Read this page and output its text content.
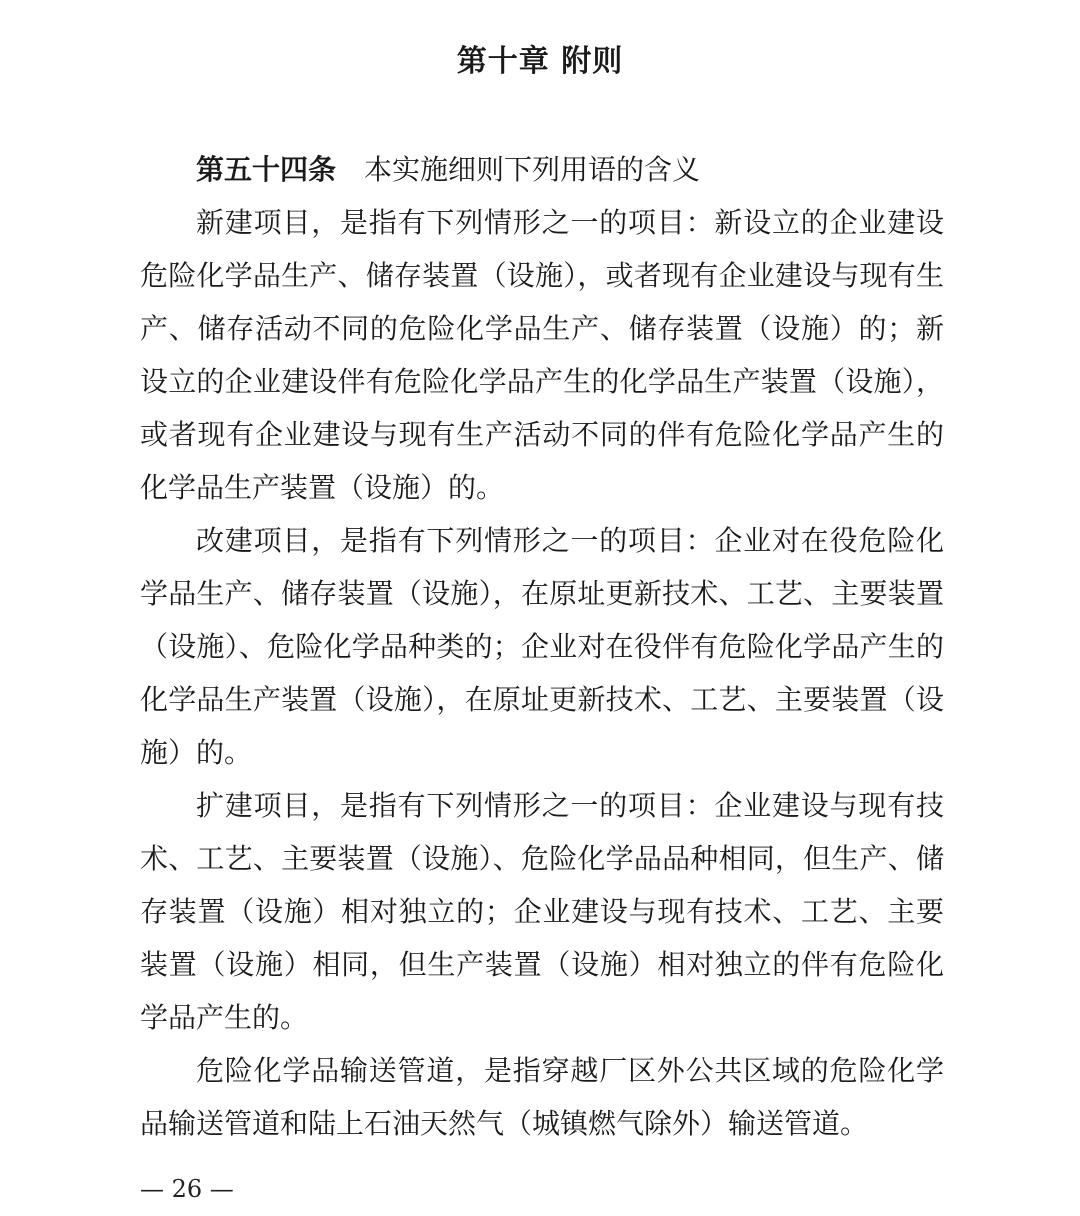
第十章 附则

第五十四条 本实施细则下列用语的含义

新建项目，是指有下列情形之一的项目：新设立的企业建设危险化学品生产、储存装置（设施），或者现有企业建设与现有生产、储存活动不同的危险化学品生产、储存装置（设施）的；新设立的企业建设伴有危险化学品产生的化学品生产装置（设施），或者现有企业建设与现有生产活动不同的伴有危险化学品产生的化学品生产装置（设施）的。

改建项目，是指有下列情形之一的项目：企业对在役危险化学品生产、储存装置（设施），在原址更新技术、工艺、主要装置（设施）、危险化学品种类的；企业对在役伴有危险化学品产生的化学品生产装置（设施），在原址更新技术、工艺、主要装置（设施）的。

扩建项目，是指有下列情形之一的项目：企业建设与现有技术、工艺、主要装置（设施）、危险化学品品种相同，但生产、储存装置（设施）相对独立的；企业建设与现有技术、工艺、主要装置（设施）相同，但生产装置（设施）相对独立的伴有危险化学品产生的。

危险化学品输送管道，是指穿越厂区外公共区域的危险化学品输送管道和陆上石油天然气（城镇燃气除外）输送管道。

— 26 —
